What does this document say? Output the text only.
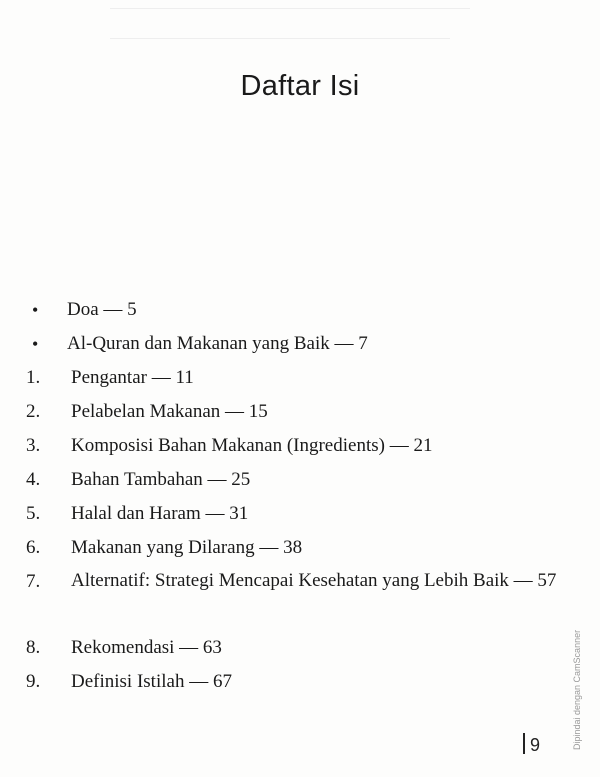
Daftar Isi
•	Doa — 5
•	Al-Quran dan Makanan yang Baik — 7
1.	Pengantar — 11
2.	Pelabelan Makanan — 15
3.	Komposisi Bahan Makanan (Ingredients) — 21
4.	Bahan Tambahan — 25
5.	Halal dan Haram — 31
6.	Makanan yang Dilarang — 38
7.	Alternatif: Strategi Mencapai Kesehatan yang Lebih Baik — 57
8.	Rekomendasi — 63
9.	Definisi Istilah — 67
9	Dipindai dengan CamScanner
